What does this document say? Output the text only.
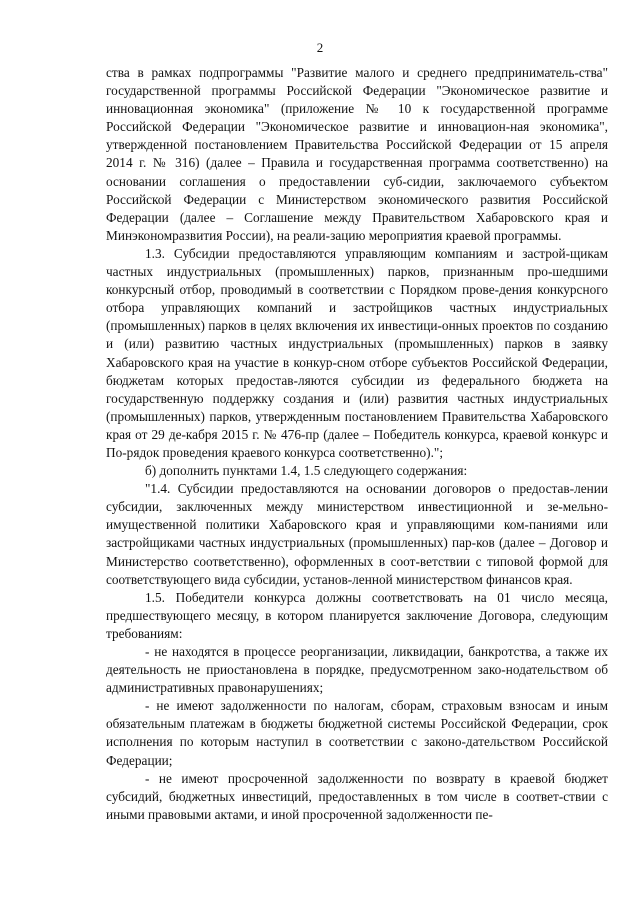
2

ства в рамках подпрограммы "Развитие малого и среднего предприниматель-ства" государственной программы Российской Федерации "Экономическое развитие и инновационная экономика" (приложение № 10 к государственной программе Российской Федерации "Экономическое развитие и инновацион-ная экономика", утвержденной постановлением Правительства Российской Федерации от 15 апреля 2014 г. № 316) (далее – Правила и государственная программа соответственно) на основании соглашения о предоставлении суб-сидии, заключаемого субъектом Российской Федерации с Министерством экономического развития Российской Федерации (далее – Соглашение между Правительством Хабаровского края и Минэкономразвития России), на реали-зацию мероприятия краевой программы.

1.3. Субсидии предоставляются управляющим компаниям и застрой-щикам частных индустриальных (промышленных) парков, признанным про-шедшими конкурсный отбор, проводимый в соответствии с Порядком прове-дения конкурсного отбора управляющих компаний и застройщиков частных индустриальных (промышленных) парков в целях включения их инвестици-онных проектов по созданию и (или) развитию частных индустриальных (промышленных) парков в заявку Хабаровского края на участие в конкур-сном отборе субъектов Российской Федерации, бюджетам которых предостав-ляются субсидии из федерального бюджета на государственную поддержку создания и (или) развития частных индустриальных (промышленных) парков, утвержденным постановлением Правительства Хабаровского края от 29 де-кабря 2015 г. № 476-пр (далее – Победитель конкурса, краевой конкурс и По-рядок проведения краевого конкурса соответственно).";

б) дополнить пунктами 1.4, 1.5 следующего содержания:

"1.4. Субсидии предоставляются на основании договоров о предостав-лении субсидии, заключенных между министерством инвестиционной и зе-мельно-имущественной политики Хабаровского края и управляющими ком-паниями или застройщиками частных индустриальных (промышленных) пар-ков (далее – Договор и Министерство соответственно), оформленных в соот-ветствии с типовой формой для соответствующего вида субсидии, установ-ленной министерством финансов края.

1.5. Победители конкурса должны соответствовать на 01 число месяца, предшествующего месяцу, в котором планируется заключение Договора, следующим требованиям:

- не находятся в процессе реорганизации, ликвидации, банкротства, а также их деятельность не приостановлена в порядке, предусмотренном зако-нодательством об административных правонарушениях;

- не имеют задолженности по налогам, сборам, страховым взносам и иным обязательным платежам в бюджеты бюджетной системы Российской Федерации, срок исполнения по которым наступил в соответствии с законо-дательством Российской Федерации;

- не имеют просроченной задолженности по возврату в краевой бюджет субсидий, бюджетных инвестиций, предоставленных в том числе в соответ-ствии с иными правовыми актами, и иной просроченной задолженности пе-
